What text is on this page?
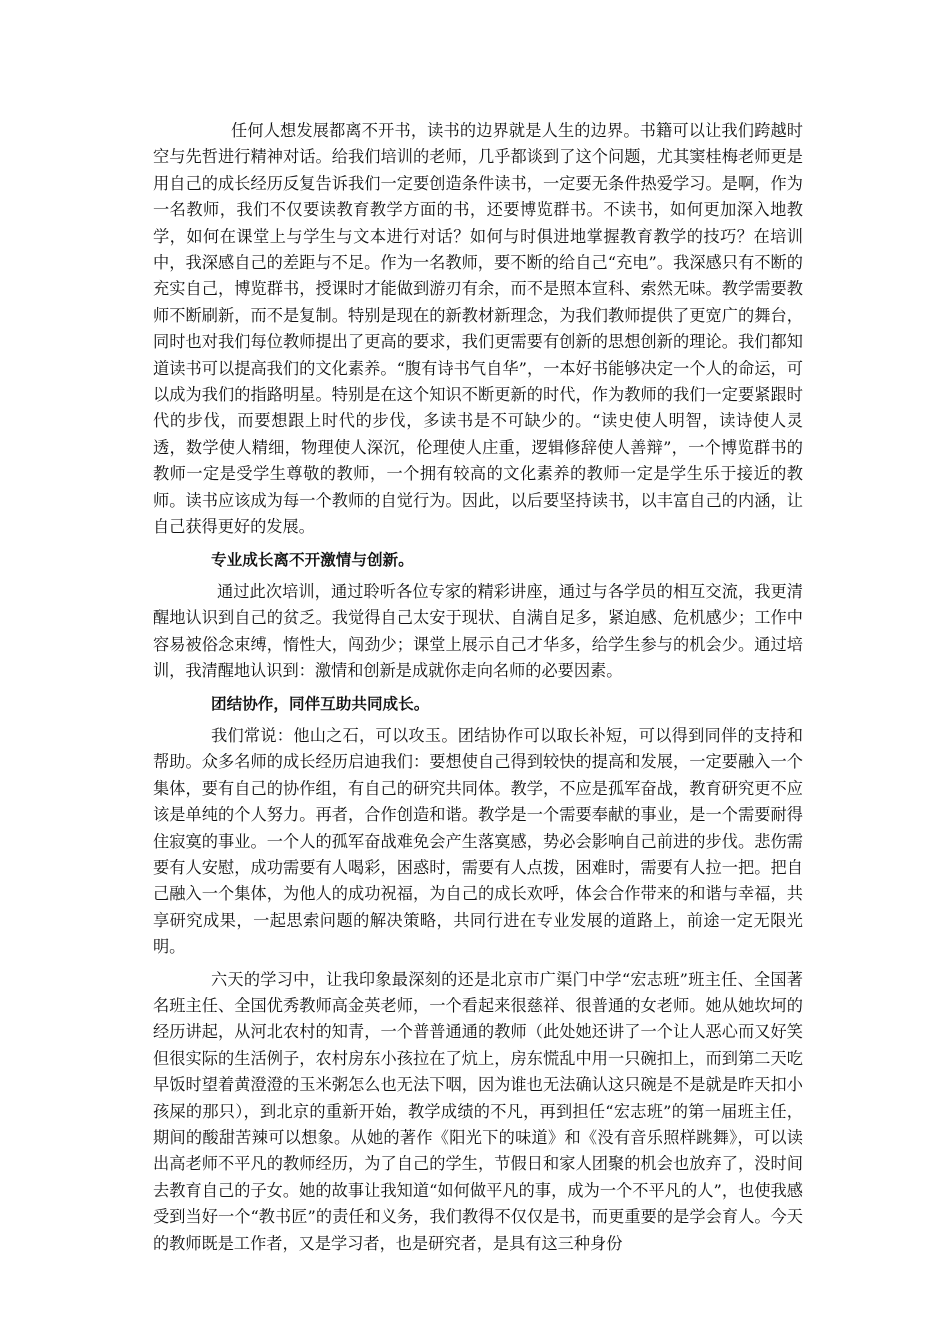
任何人想发展都离不开书，读书的边界就是人生的边界。书籍可以让我们跨越时空与先哲进行精神对话。给我们培训的老师，几乎都谈到了这个问题，尤其窦桂梅老师更是用自己的成长经历反复告诉我们一定要创造条件读书，一定要无条件热爱学习。是啊，作为一名教师，我们不仅要读教育教学方面的书，还要博览群书。不读书，如何更加深入地教学，如何在课堂上与学生与文本进行对话？如何与时俱进地掌握教育教学的技巧？在培训中，我深感自己的差距与不足。作为一名教师，要不断的给自己“充电”。我深感只有不断的充实自己，博览群书，授课时才能做到游刃有余，而不是照本宣科、索然无味。教学需要教师不断刷新，而不是复制。特别是现在的新教材新理念，为我们教师提供了更宽广的舞台，同时也对我们每位教师提出了更高的要求，我们更需要有创新的思想创新的理论。我们都知道读书可以提高我们的文化素养。“腹有诗书气自华”，一本好书能够决定一个人的命运，可以成为我们的指路明星。特别是在这个知识不断更新的时代，作为教师的我们一定要紧跟时代的步伐，而要想跟上时代的步伐，多读书是不可缺少的。“读史使人明智，读诗使人灵透，数学使人精细，物理使人深沉，伦理使人庄重，逻辑修辞使人善辩”，一个博览群书的教师一定是受学生尊敬的教师，一个拥有较高的文化素养的教师一定是学生乐于接近的教师。读书应该成为每一个教师的自觉行为。因此，以后要坚持读书，以丰富自己的内涵，让自己获得更好的发展。

专业成长离不开激情与创新。

通过此次培训，通过聆听各位专家的精彩讲座，通过与各学员的相互交流，我更清醒地认识到自己的贫乏。我觉得自己太安于现状、自满自足多，紧迫感、危机感少；工作中容易被俗念束缚，惰性大，闯劲少；课堂上展示自己才华多，给学生参与的机会少。通过培训，我清醒地认识到：激情和创新是成就你走向名师的必要因素。

团结协作，同伴互助共同成长。

我们常说：他山之石，可以攻玉。团结协作可以取长补短，可以得到同伴的支持和帮助。众多名师的成长经历启迪我们：要想使自己得到较快的提高和发展，一定要融入一个集体，要有自己的协作组，有自己的研究共同体。教学，不应是孤军奋战，教育研究更不应该是单纯的个人努力。再者，合作创造和谐。教学是一个需要奉献的事业，是一个需要耐得住寂寞的事业。一个人的孤军奋战难免会产生落寞感，势必会影响自己前进的步伐。悲伤需要有人安慰，成功需要有人喝彩，困惑时，需要有人点拨，困难时，需要有人拉一把。把自己融入一个集体，为他人的成功祝福，为自己的成长欢呼，体会合作带来的和谐与幸福，共享研究成果，一起思索问题的解决策略，共同行进在专业发展的道路上，前途一定无限光明。

六天的学习中，让我印象最深刻的还是北京市广渠门中学“宏志班”班主任、全国著名班主任、全国优秀教师高金英老师，一个看起来很慈祥、很普通的女老师。她从她坎坷的经历讲起，从河北农村的知青，一个普普通通的教师（此处她还讲了一个让人恶心而又好笑但很实际的生活例子，农村房东小孩拉在了炕上，房东慌乱中用一只碗扣上，而到第二天吃早饭时望着黄澄澄的玉米粥怎么也无法下咽，因为谁也无法确认这只碗是不是就是昨天扣小孩屎的那只），到北京的重新开始，教学成绩的不凡，再到担任“宏志班”的第一届班主任，期间的酸甜苦辣可以想象。从她的著作《阳光下的味道》和《没有音乐照样跳舞》，可以读出高老师不平凡的教师经历，为了自己的学生，节假日和家人团聚的机会也放弃了，没时间去教育自己的子女。她的故事让我知道“如何做平凡的事，成为一个不平凡的人”，也使我感受到当好一个“教书匠”的责任和义务，我们教得不仅仅是书，而更重要的是学会育人。今天的教师既是工作者，又是学习者，也是研究者，是具有这三种身份
